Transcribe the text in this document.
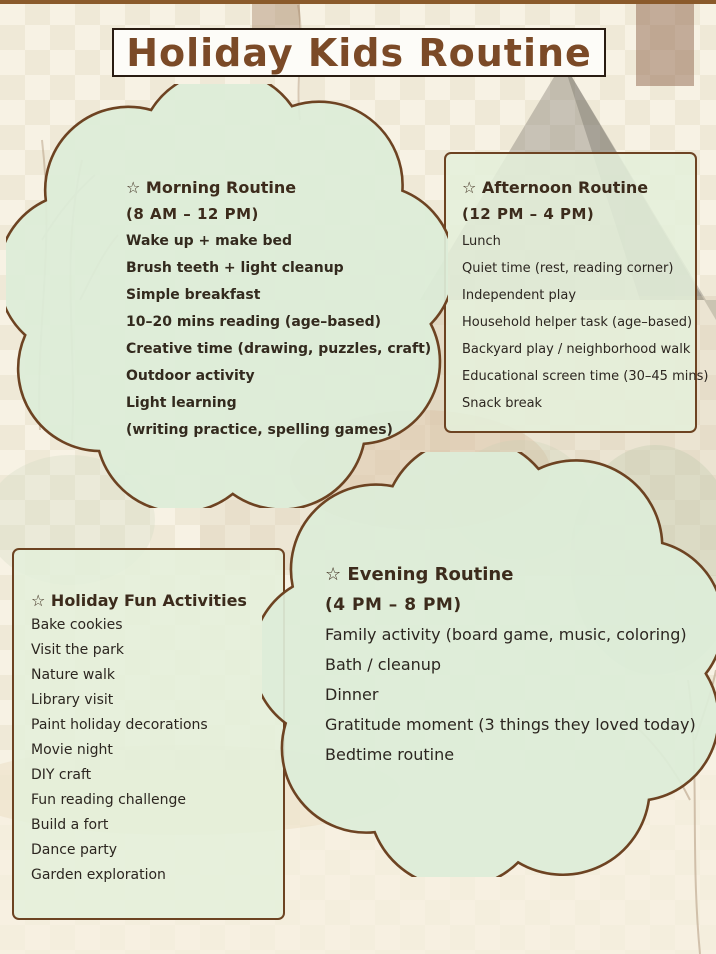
Holiday Kids Routine
☆ Morning Routine
(8 AM – 12 PM)
Wake up + make bed
Brush teeth + light cleanup
Simple breakfast
10–20 mins reading (age–based)
Creative time (drawing, puzzles, craft)
Outdoor activity
Light learning
(writing practice, spelling games)
☆ Afternoon Routine
(12 PM – 4 PM)
Lunch
Quiet time (rest, reading corner)
Independent play
Household helper task (age–based)
Backyard play / neighborhood walk
Educational screen time (30–45 mins)
Snack break
☆ Holiday Fun Activities
Bake cookies
Visit the park
Nature walk
Library visit
Paint holiday decorations
Movie night
DIY craft
Fun reading challenge
Build a fort
Dance party
Garden exploration
☆ Evening Routine
(4 PM – 8 PM)
Family activity (board game, music, coloring)
Bath / cleanup
Dinner
Gratitude moment (3 things they loved today)
Bedtime routine
